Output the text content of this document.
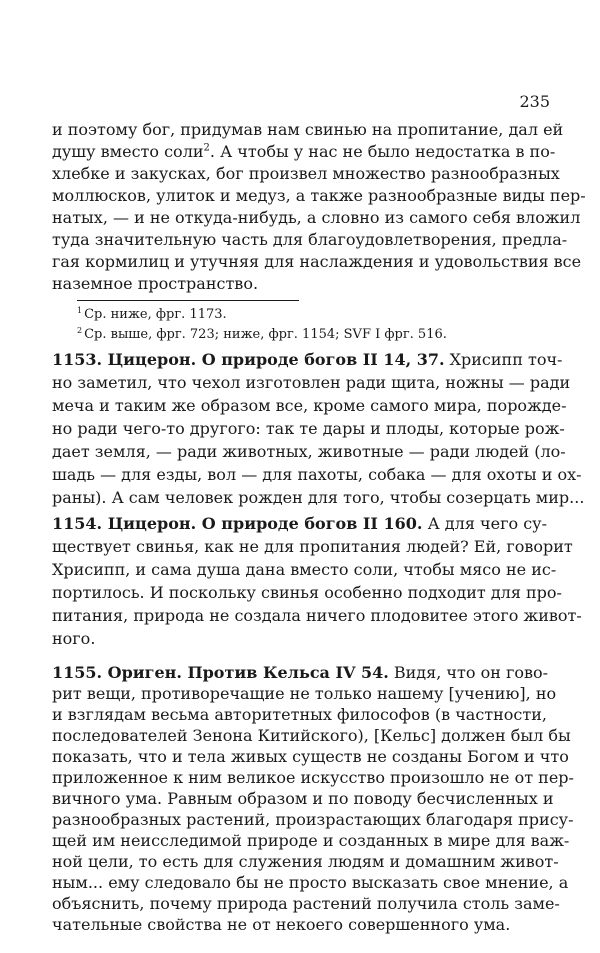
235
и поэтому бог, придумав нам свинью на пропитание, дал ей
душу вместо соли$^2$. А чтобы у нас не было недостатка в по-
хлебке и закусках, бог произвел множество разнообразных
моллюсков, улиток и медуз, а также разнообразные виды пер-
натых, — и не откуда-нибудь, а словно из самого себя вложил
туда значительную часть для благоудовлетворения, предла-
гая кормилиц и утучняя для наслаждения и удовольствия все
наземное пространство.
$^1$ Ср. ниже, фрг. 1173.
$^2$ Ср. выше, фрг. 723; ниже, фрг. 1154; SVF I фрг. 516.
1153. Цицерон. О природе богов II 14, 37. Хрисипп точ-
но заметил, что чехол изготовлен ради щита, ножны — ради
меча и таким же образом все, кроме самого мира, порожде-
но ради чего-то другого: так те дары и плоды, которые рож-
дает земля, — ради животных, животные — ради людей (ло-
шадь — для езды, вол — для пахоты, собака — для охоты и ох-
раны). А сам человек рожден для того, чтобы созерцать мир...
1154. Цицерон. О природе богов II 160. А для чего су-
ществует свинья, как не для пропитания людей? Ей, говорит
Хрисипп, и сама душа дана вместо соли, чтобы мясо не ис-
портилось. И поскольку свинья особенно подходит для про-
питания, природа не создала ничего плодовитее этого живот-
ного.
1155. Ориген. Против Кельса IV 54. Видя, что он гово-
рит вещи, противоречащие не только нашему [учению], но
и взглядам весьма авторитетных философов (в частности,
последователей Зенона Китийского), [Кельс] должен был бы
показать, что и тела живых существ не созданы Богом и что
приложенное к ним великое искусство произошло не от пер-
вичного ума. Равным образом и по поводу бесчисленных и
разнообразных растений, произрастающих благодаря прису-
щей им неисследимой природе и созданных в мире для важ-
ной цели, то есть для служения людям и домашним живот-
ным... ему следовало бы не просто высказать свое мнение, а
объяснить, почему природа растений получила столь заме-
чательные свойства не от некоего совершенного ума.
